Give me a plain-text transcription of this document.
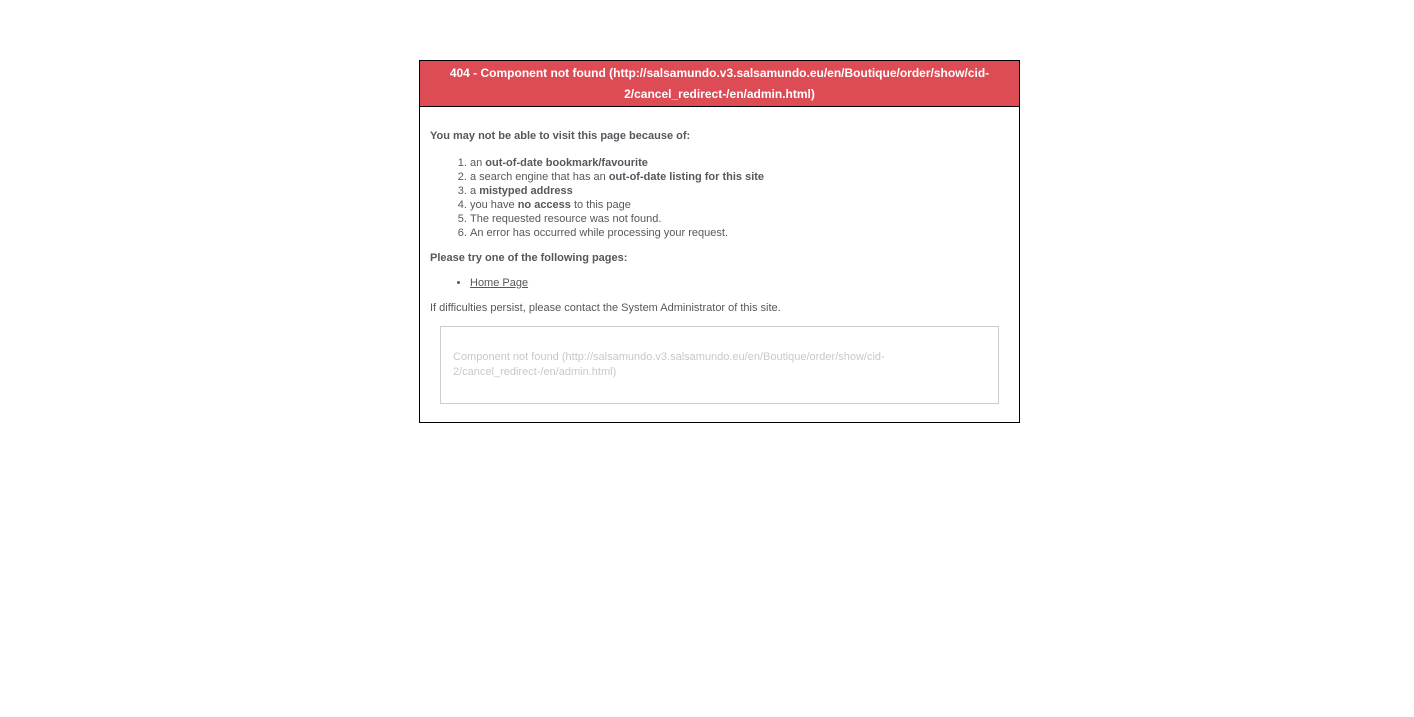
404 - Component not found (http://salsamundo.v3.salsamundo.eu/en/Boutique/order/show/cid-2/cancel_redirect-/en/admin.html)

You may not be able to visit this page because of:

1. an out-of-date bookmark/favourite
2. a search engine that has an out-of-date listing for this site
3. a mistyped address
4. you have no access to this page
5. The requested resource was not found.
6. An error has occurred while processing your request.

Please try one of the following pages:

• Home Page

If difficulties persist, please contact the System Administrator of this site.

Component not found (http://salsamundo.v3.salsamundo.eu/en/Boutique/order/show/cid-2/cancel_redirect-/en/admin.html)
